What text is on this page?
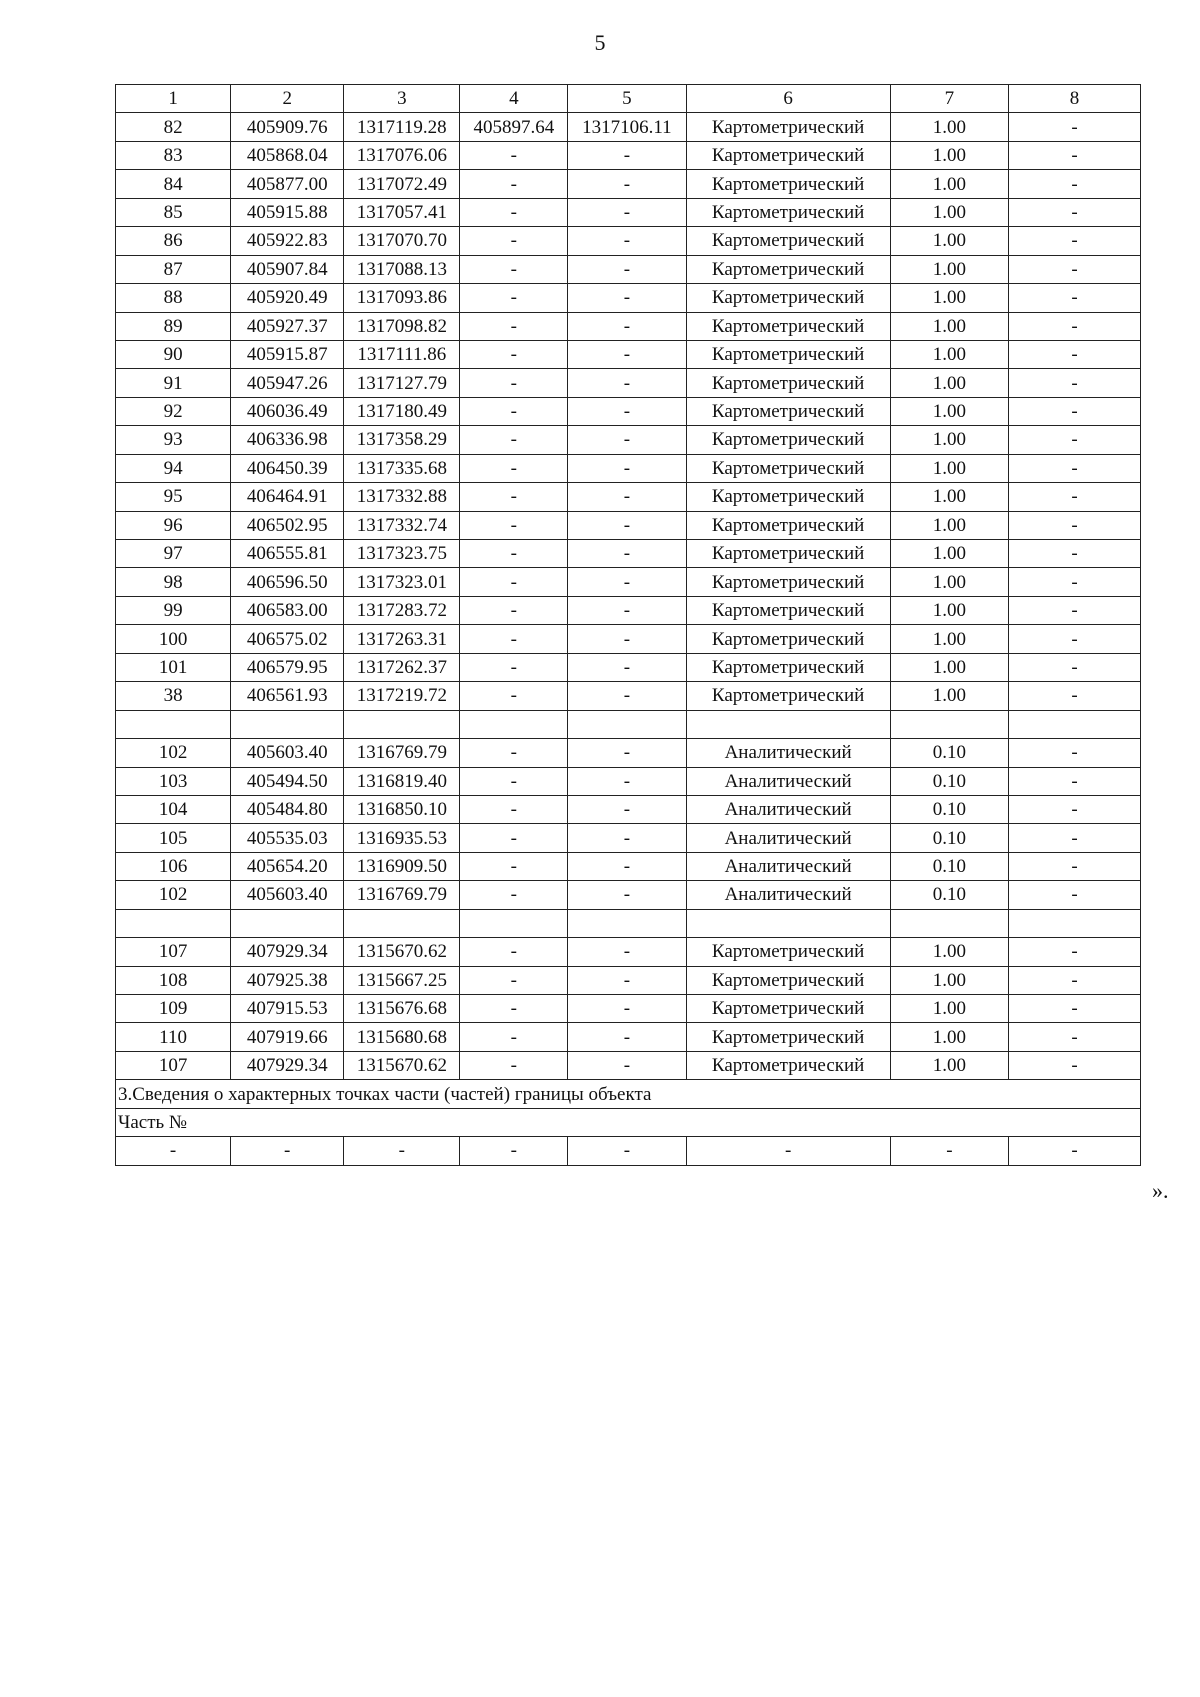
5
1	2	3	4	5	6	7	8
82	405909.76	1317119.28	405897.64	1317106.11	Картометрический	1.00	-
83	405868.04	1317076.06	-	-	Картометрический	1.00	-
84	405877.00	1317072.49	-	-	Картометрический	1.00	-
85	405915.88	1317057.41	-	-	Картометрический	1.00	-
86	405922.83	1317070.70	-	-	Картометрический	1.00	-
87	405907.84	1317088.13	-	-	Картометрический	1.00	-
88	405920.49	1317093.86	-	-	Картометрический	1.00	-
89	405927.37	1317098.82	-	-	Картометрический	1.00	-
90	405915.87	1317111.86	-	-	Картометрический	1.00	-
91	405947.26	1317127.79	-	-	Картометрический	1.00	-
92	406036.49	1317180.49	-	-	Картометрический	1.00	-
93	406336.98	1317358.29	-	-	Картометрический	1.00	-
94	406450.39	1317335.68	-	-	Картометрический	1.00	-
95	406464.91	1317332.88	-	-	Картометрический	1.00	-
96	406502.95	1317332.74	-	-	Картометрический	1.00	-
97	406555.81	1317323.75	-	-	Картометрический	1.00	-
98	406596.50	1317323.01	-	-	Картометрический	1.00	-
99	406583.00	1317283.72	-	-	Картометрический	1.00	-
100	406575.02	1317263.31	-	-	Картометрический	1.00	-
101	406579.95	1317262.37	-	-	Картометрический	1.00	-
38	406561.93	1317219.72	-	-	Картометрический	1.00	-

102	405603.40	1316769.79	-	-	Аналитический	0.10	-
103	405494.50	1316819.40	-	-	Аналитический	0.10	-
104	405484.80	1316850.10	-	-	Аналитический	0.10	-
105	405535.03	1316935.53	-	-	Аналитический	0.10	-
106	405654.20	1316909.50	-	-	Аналитический	0.10	-
102	405603.40	1316769.79	-	-	Аналитический	0.10	-

107	407929.34	1315670.62	-	-	Картометрический	1.00	-
108	407925.38	1315667.25	-	-	Картометрический	1.00	-
109	407915.53	1315676.68	-	-	Картометрический	1.00	-
110	407919.66	1315680.68	-	-	Картометрический	1.00	-
107	407929.34	1315670.62	-	-	Картометрический	1.00	-
3.Сведения о характерных точках части (частей) границы объекта							
Часть №							
-	-	-	-	-	-	-	-
».
